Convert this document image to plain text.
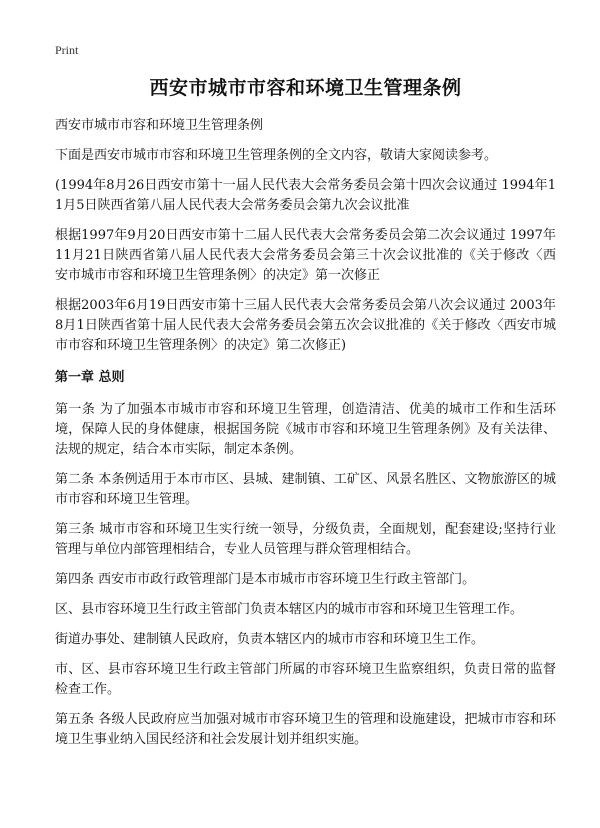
Print
西安市城市市容和环境卫生管理条例

西安市城市市容和环境卫生管理条例

下面是西安市城市市容和环境卫生管理条例的全文内容，敬请大家阅读参考。

(1994年8月26日西安市第十一届人民代表大会常务委员会第十四次会议通过 1994年11月5日陕西省第八届人民代表大会常务委员会第九次会议批准

根据1997年9月20日西安市第十二届人民代表大会常务委员会第二次会议通过 1997年11月21日陕西省第八届人民代表大会常务委员会第三十次会议批准的《关于修改〈西安市城市市容和环境卫生管理条例〉的决定》第一次修正

根据2003年6月19日西安市第十三届人民代表大会常务委员会第八次会议通过 2003年8月1日陕西省第十届人民代表大会常务委员会第五次会议批准的《关于修改〈西安市城市市容和环境卫生管理条例〉的决定》第二次修正)

第一章 总则

第一条 为了加强本市城市市容和环境卫生管理，创造清洁、优美的城市工作和生活环境，保障人民的身体健康，根据国务院《城市市容和环境卫生管理条例》及有关法律、法规的规定，结合本市实际，制定本条例。

第二条 本条例适用于本市市区、县城、建制镇、工矿区、风景名胜区、文物旅游区的城市市容和环境卫生管理。

第三条 城市市容和环境卫生实行统一领导，分级负责，全面规划，配套建设;坚持行业管理与单位内部管理相结合，专业人员管理与群众管理相结合。

第四条 西安市市政行政管理部门是本市城市市容环境卫生行政主管部门。

区、县市容环境卫生行政主管部门负责本辖区内的城市市容和环境卫生管理工作。

街道办事处、建制镇人民政府，负责本辖区内的城市市容和环境卫生工作。

市、区、县市容环境卫生行政主管部门所属的市容环境卫生监察组织，负责日常的监督检查工作。

第五条 各级人民政府应当加强对城市市容环境卫生的管理和设施建设，把城市市容和环境卫生事业纳入国民经济和社会发展计划并组织实施。
